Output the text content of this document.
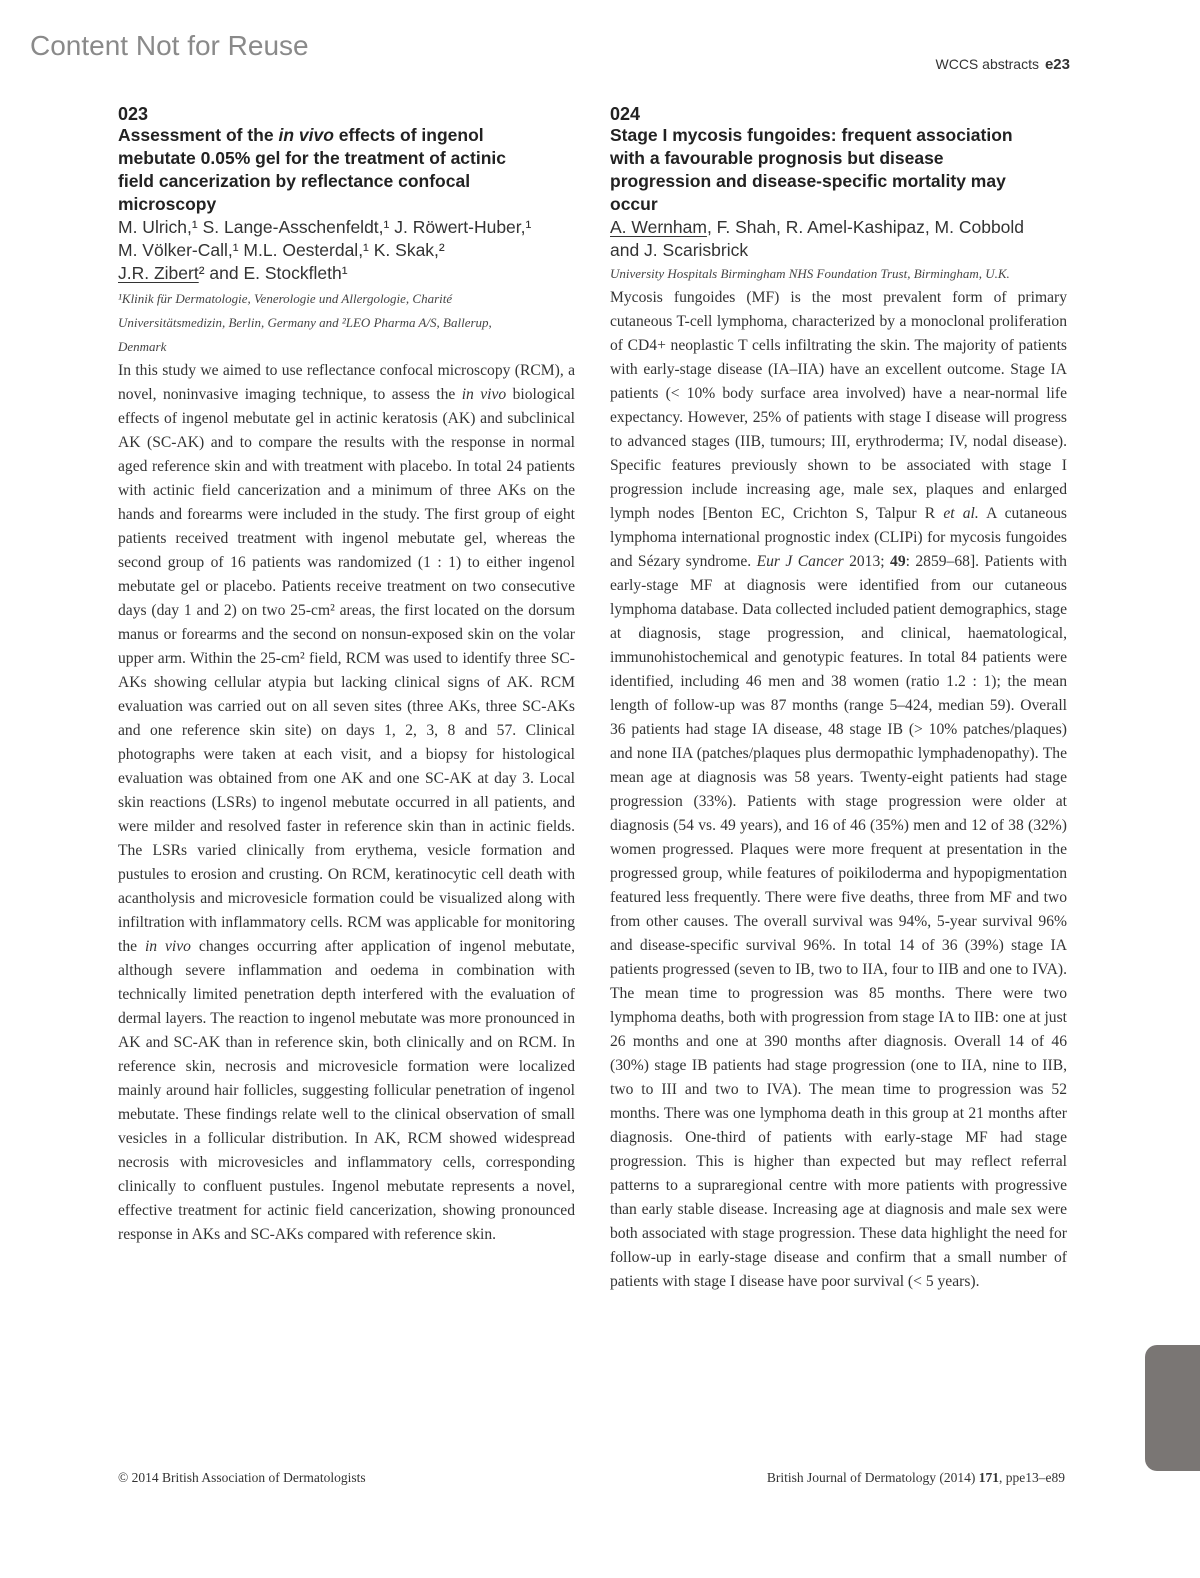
Content Not for Reuse
WCCS abstracts e23
023
Assessment of the in vivo effects of ingenol
mebutate 0.05% gel for the treatment of actinic
field cancerization by reflectance confocal
microscopy
M. Ulrich,¹ S. Lange-Asschenfeldt,¹ J. Röwert-Huber,¹
M. Völker-Call,¹ M.L. Oesterdal,¹ K. Skak,²
J.R. Zibert² and E. Stockfleth¹
¹Klinik für Dermatologie, Venerologie und Allergologie, Charité
Universitätsmedizin, Berlin, Germany and ²LEO Pharma A/S, Ballerup,
Denmark
In this study we aimed to use reflectance confocal microscopy (RCM), a novel, noninvasive imaging technique, to assess the in vivo biological effects of ingenol mebutate gel in actinic keratosis (AK) and subclinical AK (SC-AK) and to compare the results with the response in normal aged reference skin and with treatment with placebo. In total 24 patients with actinic field cancerization and a minimum of three AKs on the hands and forearms were included in the study. The first group of eight patients received treatment with ingenol mebutate gel, whereas the second group of 16 patients was randomized (1 : 1) to either ingenol mebutate gel or placebo. Patients receive treatment on two consecutive days (day 1 and 2) on two 25-cm² areas, the first located on the dorsum manus or forearms and the second on nonsun-exposed skin on the volar upper arm. Within the 25-cm² field, RCM was used to identify three SC-AKs showing cellular atypia but lacking clinical signs of AK. RCM evaluation was carried out on all seven sites (three AKs, three SC-AKs and one reference skin site) on days 1, 2, 3, 8 and 57. Clinical photographs were taken at each visit, and a biopsy for histological evaluation was obtained from one AK and one SC-AK at day 3. Local skin reactions (LSRs) to ingenol mebutate occurred in all patients, and were milder and resolved faster in reference skin than in actinic fields. The LSRs varied clinically from erythema, vesicle formation and pustules to erosion and crusting. On RCM, keratinocytic cell death with acantholysis and microvesicle formation could be visualized along with infiltration with inflammatory cells. RCM was applicable for monitoring the in vivo changes occurring after application of ingenol mebutate, although severe inflammation and oedema in combination with technically limited penetration depth interfered with the evaluation of dermal layers. The reaction to ingenol mebutate was more pronounced in AK and SC-AK than in reference skin, both clinically and on RCM. In reference skin, necrosis and microvesicle formation were localized mainly around hair follicles, suggesting follicular penetration of ingenol mebutate. These findings relate well to the clinical observation of small vesicles in a follicular distribution. In AK, RCM showed widespread necrosis with microvesicles and inflammatory cells, corresponding clinically to confluent pustules. Ingenol mebutate represents a novel, effective treatment for actinic field cancerization, showing pronounced response in AKs and SC-AKs compared with reference skin.
024
Stage I mycosis fungoides: frequent association
with a favourable prognosis but disease
progression and disease-specific mortality may
occur
A. Wernham, F. Shah, R. Amel-Kashipaz, M. Cobbold
and J. Scarisbrick
University Hospitals Birmingham NHS Foundation Trust, Birmingham, U.K.
Mycosis fungoides (MF) is the most prevalent form of primary cutaneous T-cell lymphoma, characterized by a monoclonal proliferation of CD4+ neoplastic T cells infiltrating the skin. The majority of patients with early-stage disease (IA–IIA) have an excellent outcome. Stage IA patients (< 10% body surface area involved) have a near-normal life expectancy. However, 25% of patients with stage I disease will progress to advanced stages (IIB, tumours; III, erythroderma; IV, nodal disease). Specific features previously shown to be associated with stage I progression include increasing age, male sex, plaques and enlarged lymph nodes [Benton EC, Crichton S, Talpur R et al. A cutaneous lymphoma international prognostic index (CLIPi) for mycosis fungoides and Sézary syndrome. Eur J Cancer 2013; 49: 2859–68]. Patients with early-stage MF at diagnosis were identified from our cutaneous lymphoma database. Data collected included patient demographics, stage at diagnosis, stage progression, and clinical, haematological, immunohistochemical and genotypic features. In total 84 patients were identified, including 46 men and 38 women (ratio 1.2 : 1); the mean length of follow-up was 87 months (range 5–424, median 59). Overall 36 patients had stage IA disease, 48 stage IB (> 10% patches/plaques) and none IIA (patches/plaques plus dermopathic lymphadenopathy). The mean age at diagnosis was 58 years. Twenty-eight patients had stage progression (33%). Patients with stage progression were older at diagnosis (54 vs. 49 years), and 16 of 46 (35%) men and 12 of 38 (32%) women progressed. Plaques were more frequent at presentation in the progressed group, while features of poikiloderma and hypopigmentation featured less frequently. There were five deaths, three from MF and two from other causes. The overall survival was 94%, 5-year survival 96% and disease-specific survival 96%. In total 14 of 36 (39%) stage IA patients progressed (seven to IB, two to IIA, four to IIB and one to IVA). The mean time to progression was 85 months. There were two lymphoma deaths, both with progression from stage IA to IIB: one at just 26 months and one at 390 months after diagnosis. Overall 14 of 46 (30%) stage IB patients had stage progression (one to IIA, nine to IIB, two to III and two to IVA). The mean time to progression was 52 months. There was one lymphoma death in this group at 21 months after diagnosis. One-third of patients with early-stage MF had stage progression. This is higher than expected but may reflect referral patterns to a supraregional centre with more patients with progressive than early stable disease. Increasing age at diagnosis and male sex were both associated with stage progression. These data highlight the need for follow-up in early-stage disease and confirm that a small number of patients with stage I disease have poor survival (< 5 years).
© 2014 British Association of Dermatologists	British Journal of Dermatology (2014) 171, ppe13–e89
